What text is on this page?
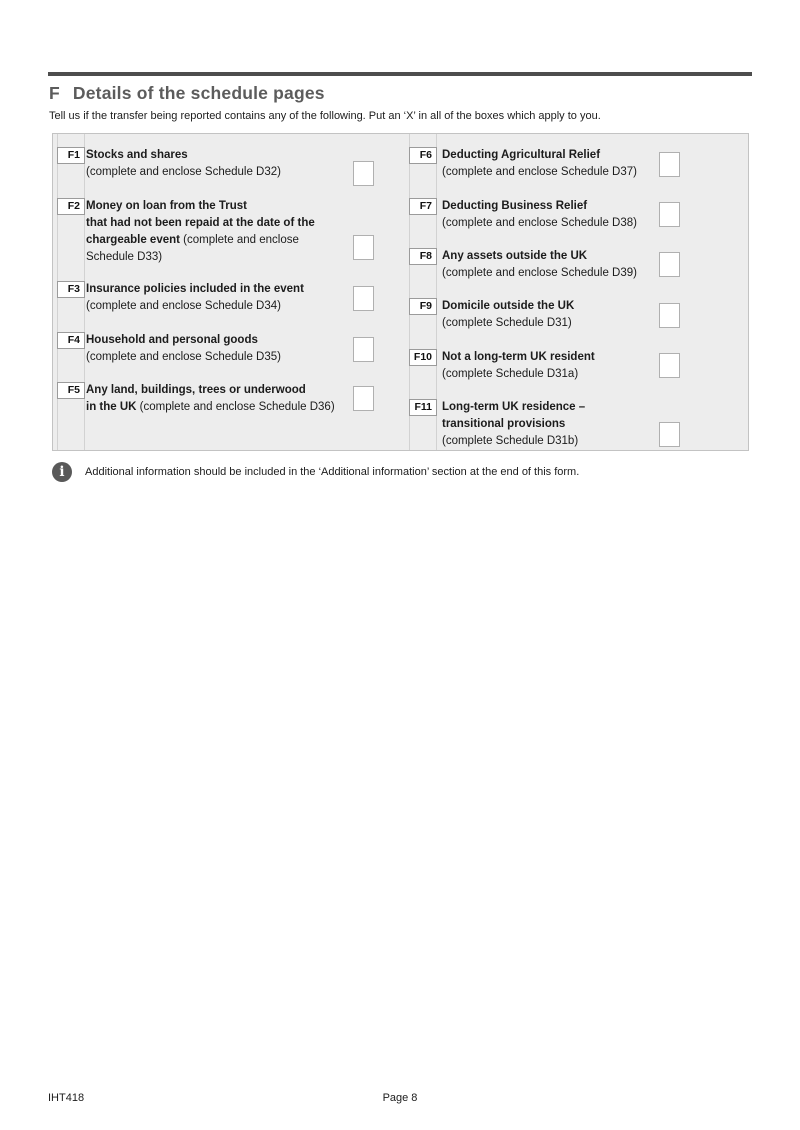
F Details of the schedule pages
Tell us if the transfer being reported contains any of the following. Put an ‘X’ in all of the boxes which apply to you.
F1 Stocks and shares
(complete and enclose Schedule D32)
F2 Money on loan from the Trust
that had not been repaid at the date of the
chargeable event (complete and enclose
Schedule D33)
F3 Insurance policies included in the event
(complete and enclose Schedule D34)
F4 Household and personal goods
(complete and enclose Schedule D35)
F5 Any land, buildings, trees or underwood
in the UK (complete and enclose Schedule D36)
F6 Deducting Agricultural Relief
(complete and enclose Schedule D37)
F7 Deducting Business Relief
(complete and enclose Schedule D38)
F8 Any assets outside the UK
(complete and enclose Schedule D39)
F9 Domicile outside the UK
(complete Schedule D31)
F10 Not a long-term UK resident
(complete Schedule D31a)
F11 Long-term UK residence –
transitional provisions
(complete Schedule D31b)
i Additional information should be included in the ‘Additional information’ section at the end of this form.
IHT418	Page 8
